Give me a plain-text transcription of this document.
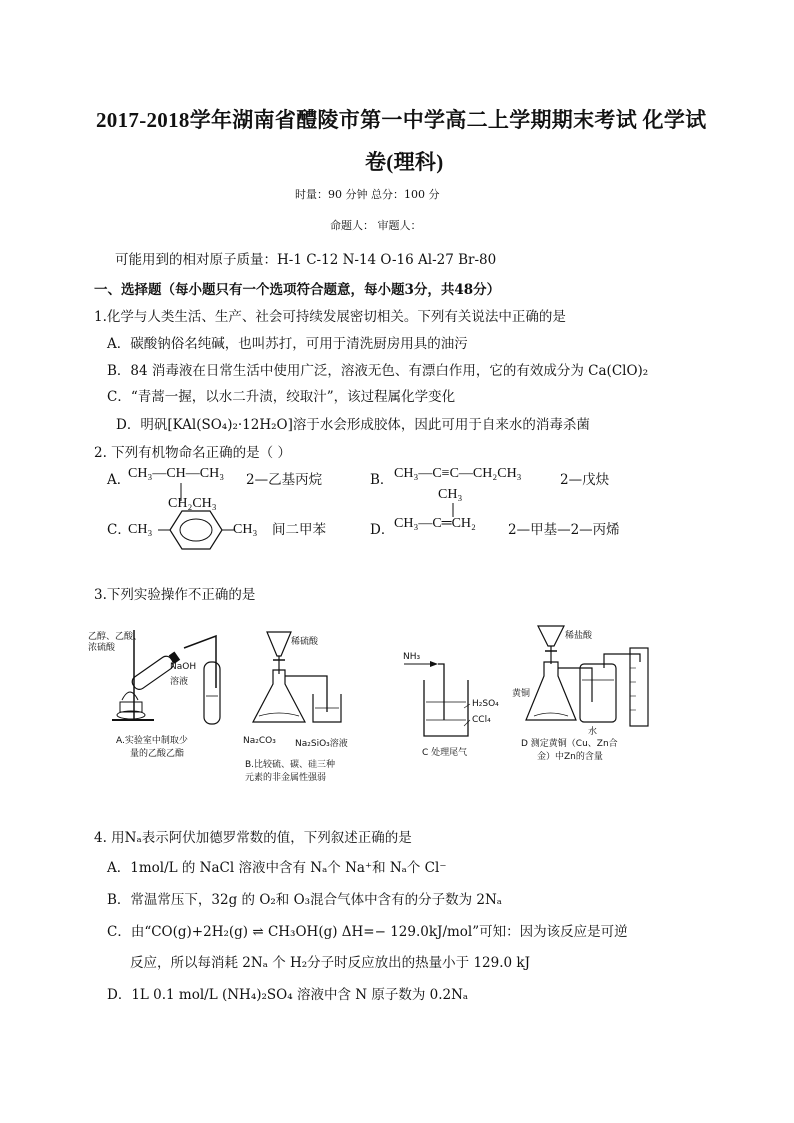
2017-2018学年湖南省醴陵市第一中学高二上学期期末考试 化学试
卷(理科)
时量：90 分钟 总分：100 分
命题人： 审题人：
可能用到的相对原子质量：H-1 C-12 N-14 O-16 Al-27 Br-80
一、选择题（每小题只有一个选项符合题意，每小题3分，共48分）
1.化学与人类生活、生产、社会可持续发展密切相关。下列有关说法中正确的是
A．碳酸钠俗名纯碱，也叫苏打，可用于清洗厨房用具的油污
B．84 消毒液在日常生活中使用广泛，溶液无色、有漂白作用，它的有效成分为 Ca(ClO)₂
C．“青蒿一握，以水二升渍，绞取汁”，该过程属化学变化
D．明矾[KAl(SO₄)₂·12H₂O]溶于水会形成胶体，因此可用于自来水的消毒杀菌
2. 下列有机物命名正确的是（ ）
A．
CH₃—CH—CH₃
CH₂CH₃
2—乙基丙烷	B． CH₃—C≡C—CH₂CH₃	2—戊炔
C．
CH₃	CH₃ 间二甲苯	D．
CH₃
CH₃—C═CH₂ 2—甲基—2—丙烯
3.下列实验操作不正确的是
乙醇、乙酸、浓硫酸
NaOH
溶液
A.实验室中制取少
量的乙酸乙酯
稀硫酸
Na₂CO₃ Na₂SiO₃溶液
B.比较硫、碳、硅三种
元素的非金属性强弱
NH₃
H₂SO₄
CCl₄
C 处理尾气
稀盐酸
黄铜
水
D 测定黄铜（Cu、Zn合
金）中Zn的含量
4. 用Nₐ表示阿伏加德罗常数的值，下列叙述正确的是
A．1mol/L 的 NaCl 溶液中含有 Nₐ个 Na⁺和 Nₐ个 Cl⁻
B．常温常压下，32g 的 O₂和 O₃混合气体中含有的分子数为 2Nₐ
C．由“CO(g)+2H₂(g) ⇌ CH₃OH(g) ΔH=− 129.0kJ/mol”可知：因为该反应是可逆
反应，所以每消耗 2Nₐ 个 H₂分子时反应放出的热量小于 129.0 kJ
D．1L 0.1 mol/L (NH₄)₂SO₄ 溶液中含 N 原子数为 0.2Nₐ
